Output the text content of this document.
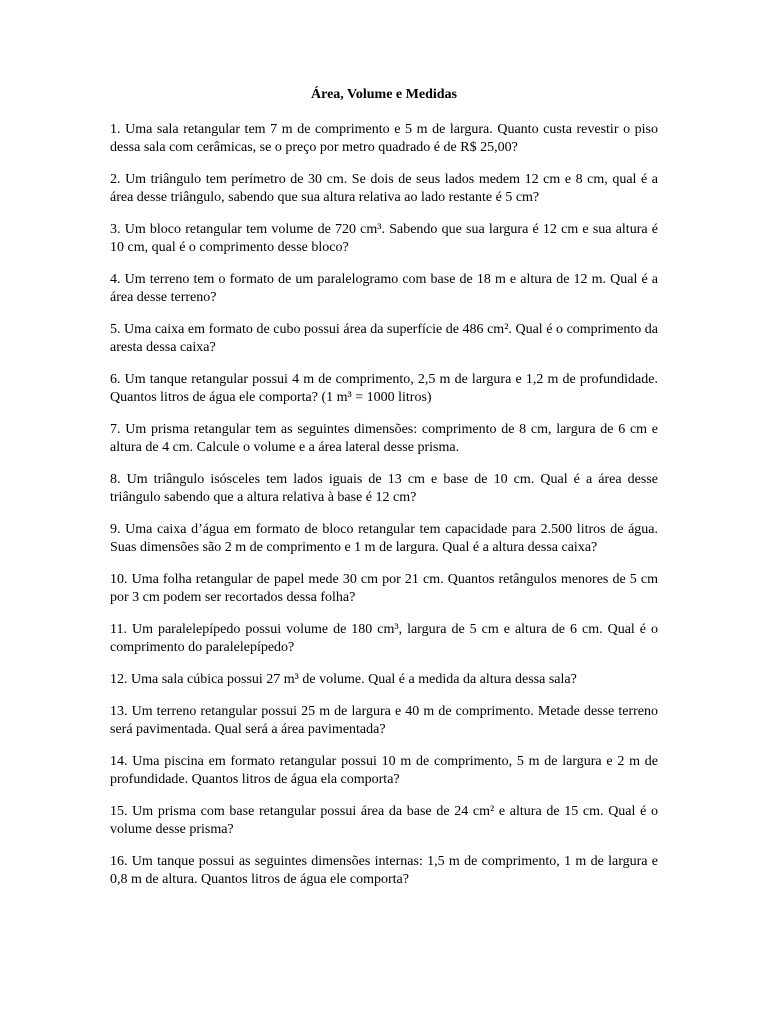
Área, Volume e Medidas

1. Uma sala retangular tem 7 m de comprimento e 5 m de largura. Quanto custa revestir o piso dessa sala com cerâmicas, se o preço por metro quadrado é de R$ 25,00?

2. Um triângulo tem perímetro de 30 cm. Se dois de seus lados medem 12 cm e 8 cm, qual é a área desse triângulo, sabendo que sua altura relativa ao lado restante é 5 cm?

3. Um bloco retangular tem volume de 720 cm³. Sabendo que sua largura é 12 cm e sua altura é 10 cm, qual é o comprimento desse bloco?

4. Um terreno tem o formato de um paralelogramo com base de 18 m e altura de 12 m. Qual é a área desse terreno?

5. Uma caixa em formato de cubo possui área da superfície de 486 cm². Qual é o comprimento da aresta dessa caixa?

6. Um tanque retangular possui 4 m de comprimento, 2,5 m de largura e 1,2 m de profundidade. Quantos litros de água ele comporta? (1 m³ = 1000 litros)

7. Um prisma retangular tem as seguintes dimensões: comprimento de 8 cm, largura de 6 cm e altura de 4 cm. Calcule o volume e a área lateral desse prisma.

8. Um triângulo isósceles tem lados iguais de 13 cm e base de 10 cm. Qual é a área desse triângulo sabendo que a altura relativa à base é 12 cm?

9. Uma caixa d’água em formato de bloco retangular tem capacidade para 2.500 litros de água. Suas dimensões são 2 m de comprimento e 1 m de largura. Qual é a altura dessa caixa?

10. Uma folha retangular de papel mede 30 cm por 21 cm. Quantos retângulos menores de 5 cm por 3 cm podem ser recortados dessa folha?

11. Um paralelepípedo possui volume de 180 cm³, largura de 5 cm e altura de 6 cm. Qual é o comprimento do paralelepípedo?

12. Uma sala cúbica possui 27 m³ de volume. Qual é a medida da altura dessa sala?

13. Um terreno retangular possui 25 m de largura e 40 m de comprimento. Metade desse terreno será pavimentada. Qual será a área pavimentada?

14. Uma piscina em formato retangular possui 10 m de comprimento, 5 m de largura e 2 m de profundidade. Quantos litros de água ela comporta?

15. Um prisma com base retangular possui área da base de 24 cm² e altura de 15 cm. Qual é o volume desse prisma?

16. Um tanque possui as seguintes dimensões internas: 1,5 m de comprimento, 1 m de largura e 0,8 m de altura. Quantos litros de água ele comporta?
